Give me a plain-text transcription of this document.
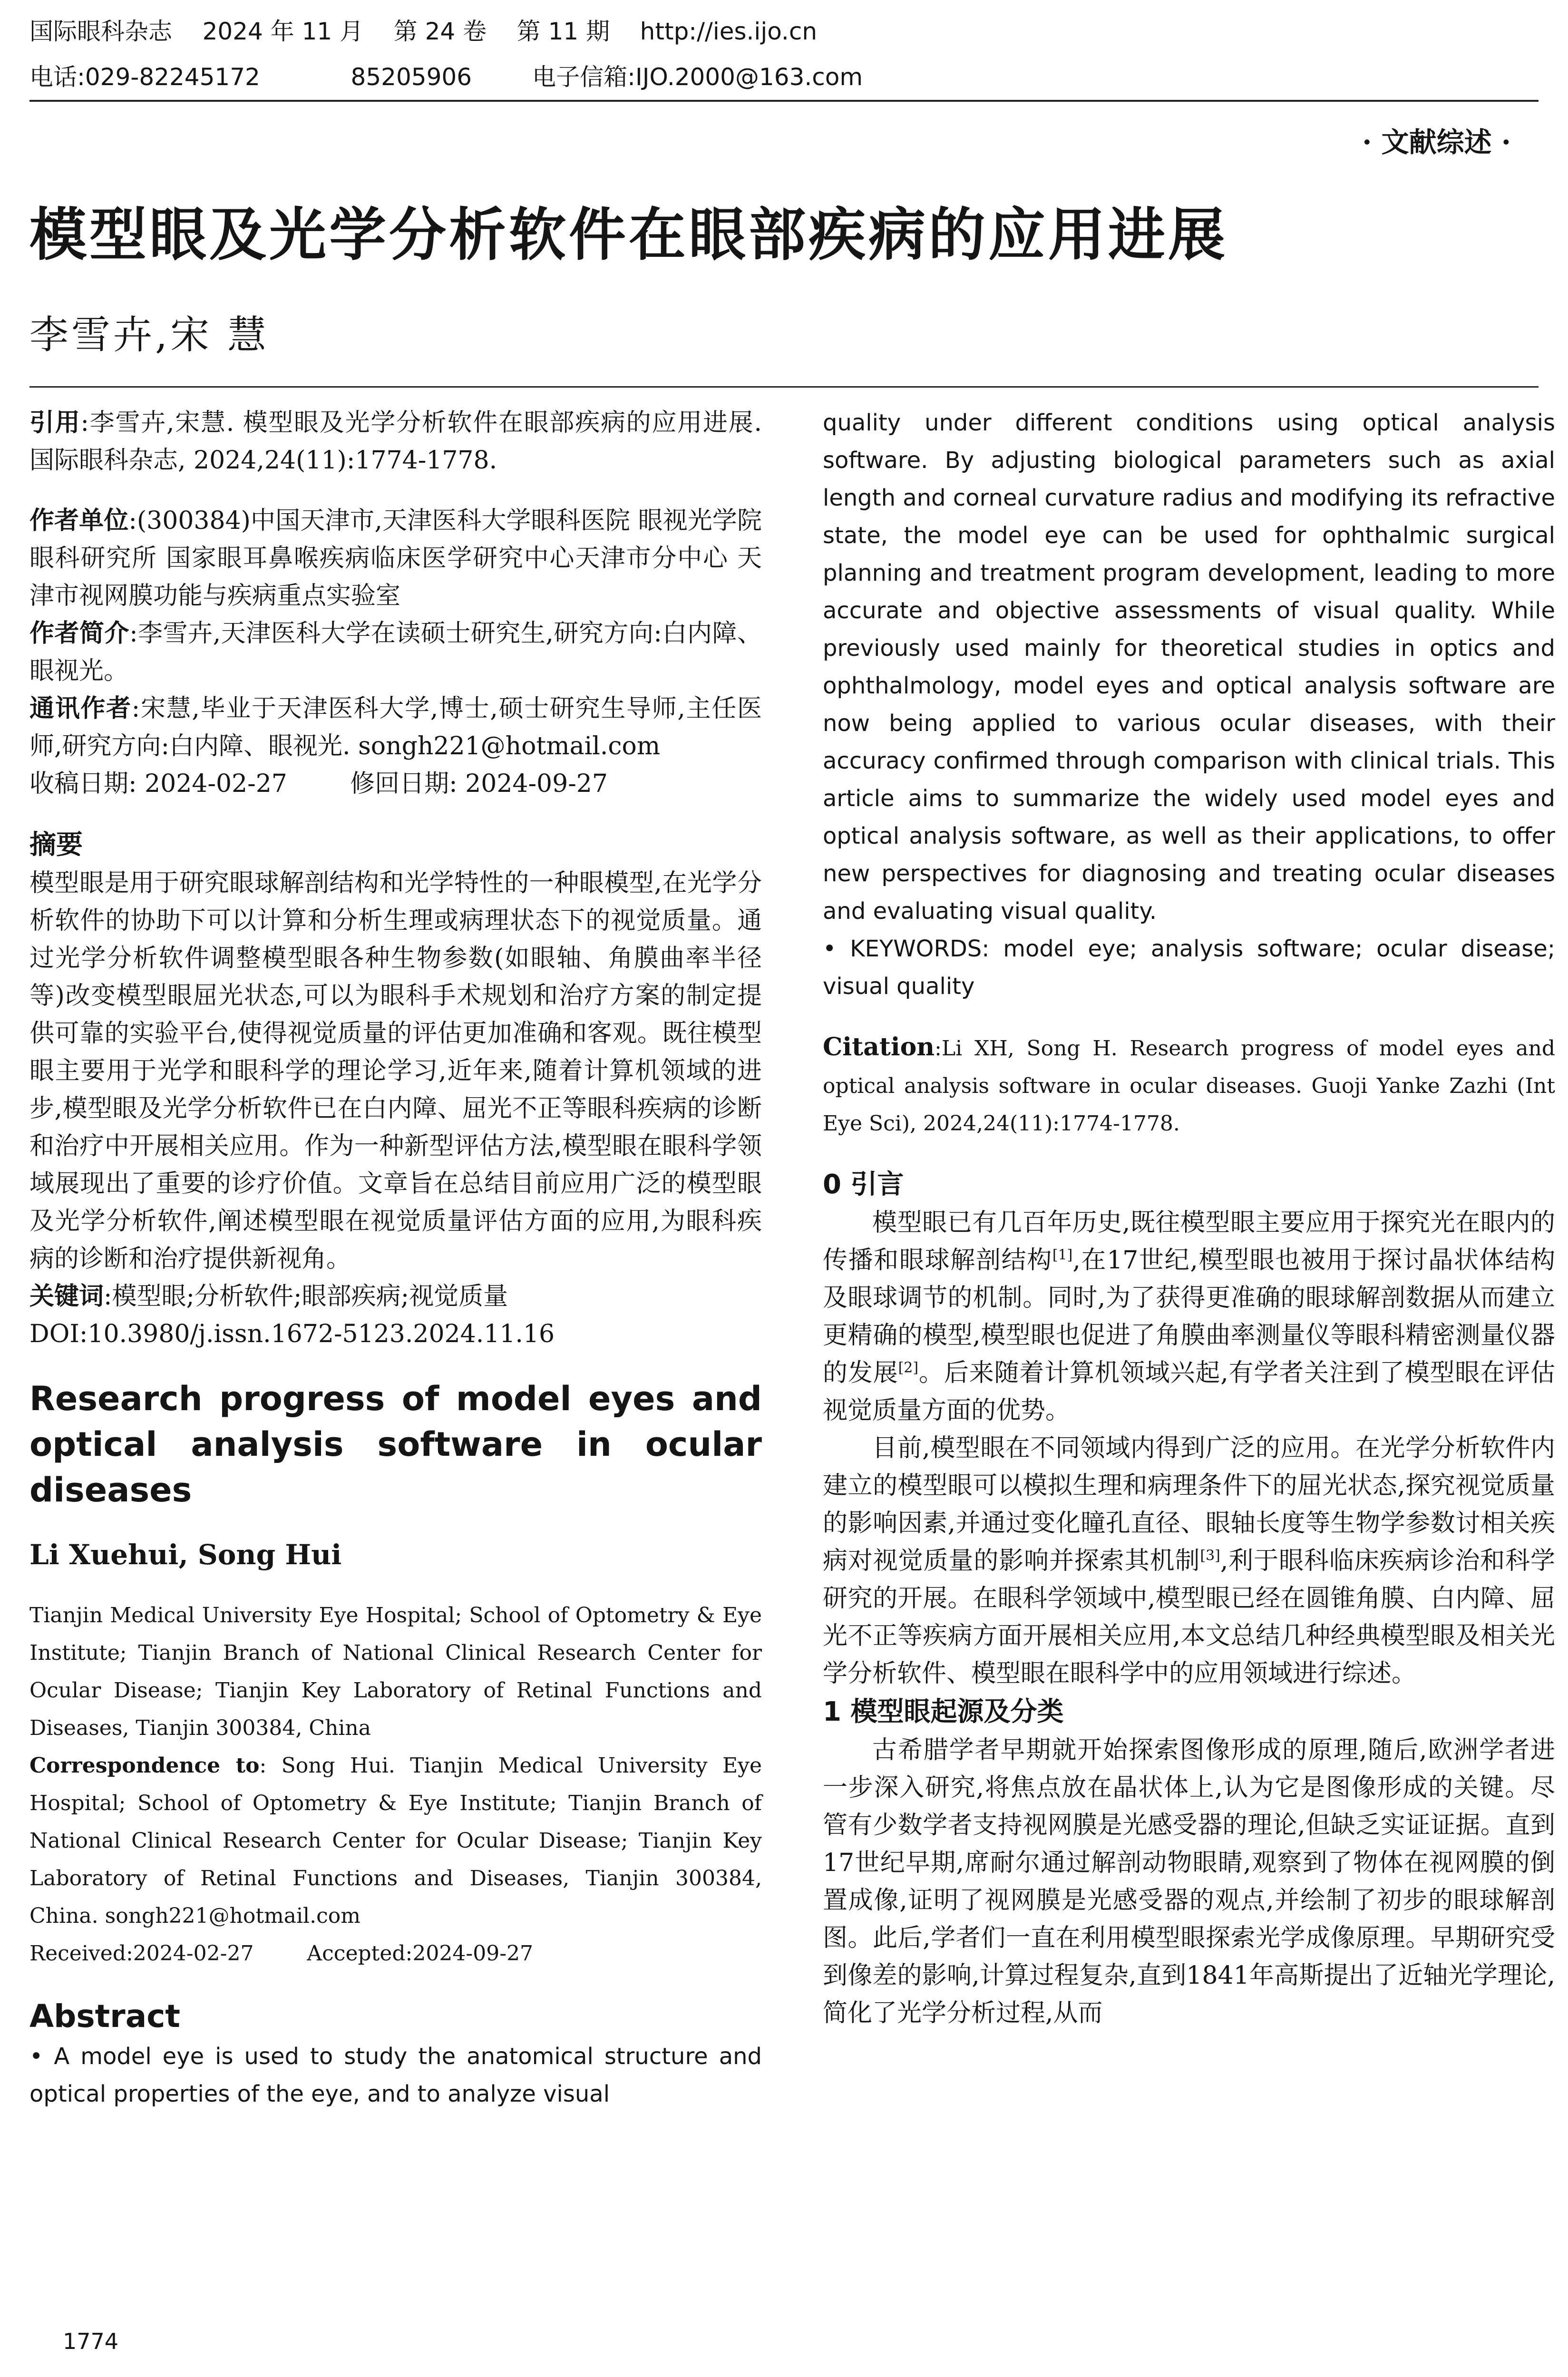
国际眼科杂志    2024 年 11 月    第 24 卷    第 11 期    http://ies.ijo.cn
电话:029-82245172            85205906        电子信箱:IJO.2000@163.com
· 文献综述 ·
模型眼及光学分析软件在眼部疾病的应用进展
李雪卉,宋 慧

引用:李雪卉,宋慧. 模型眼及光学分析软件在眼部疾病的应用进展. 国际眼科杂志, 2024,24(11):1774-1778.

作者单位:(300384)中国天津市,天津医科大学眼科医院 眼视光学院 眼科研究所 国家眼耳鼻喉疾病临床医学研究中心天津市分中心 天津市视网膜功能与疾病重点实验室

作者简介:李雪卉,天津医科大学在读硕士研究生,研究方向:白内障、眼视光。

通讯作者:宋慧,毕业于天津医科大学,博士,硕士研究生导师,主任医师,研究方向:白内障、眼视光. songh221@hotmail.com

收稿日期: 2024-02-27        修回日期: 2024-09-27

摘要

模型眼是用于研究眼球解剖结构和光学特性的一种眼模型,在光学分析软件的协助下可以计算和分析生理或病理状态下的视觉质量。通过光学分析软件调整模型眼各种生物参数(如眼轴、角膜曲率半径等)改变模型眼屈光状态,可以为眼科手术规划和治疗方案的制定提供可靠的实验平台,使得视觉质量的评估更加准确和客观。既往模型眼主要用于光学和眼科学的理论学习,近年来,随着计算机领域的进步,模型眼及光学分析软件已在白内障、屈光不正等眼科疾病的诊断和治疗中开展相关应用。作为一种新型评估方法,模型眼在眼科学领域展现出了重要的诊疗价值。文章旨在总结目前应用广泛的模型眼及光学分析软件,阐述模型眼在视觉质量评估方面的应用,为眼科疾病的诊断和治疗提供新视角。

关键词:模型眼;分析软件;眼部疾病;视觉质量

DOI:10.3980/j.issn.1672-5123.2024.11.16

Research progress of model eyes and optical analysis software in ocular diseases

Li Xuehui, Song Hui

Tianjin Medical University Eye Hospital; School of Optometry & Eye Institute; Tianjin Branch of National Clinical Research Center for Ocular Disease; Tianjin Key Laboratory of Retinal Functions and Diseases, Tianjin 300384, China

Correspondence to: Song Hui. Tianjin Medical University Eye Hospital; School of Optometry & Eye Institute; Tianjin Branch of National Clinical Research Center for Ocular Disease; Tianjin Key Laboratory of Retinal Functions and Diseases, Tianjin 300384, China. songh221@hotmail.com

Received:2024-02-27        Accepted:2024-09-27

Abstract

• A model eye is used to study the anatomical structure and optical properties of the eye, and to analyze visual

quality under different conditions using optical analysis software. By adjusting biological parameters such as axial length and corneal curvature radius and modifying its refractive state, the model eye can be used for ophthalmic surgical planning and treatment program development, leading to more accurate and objective assessments of visual quality. While previously used mainly for theoretical studies in optics and ophthalmology, model eyes and optical analysis software are now being applied to various ocular diseases, with their accuracy confirmed through comparison with clinical trials. This article aims to summarize the widely used model eyes and optical analysis software, as well as their applications, to offer new perspectives for diagnosing and treating ocular diseases and evaluating visual quality.

• KEYWORDS: model eye; analysis software; ocular disease; visual quality

Citation:Li XH, Song H. Research progress of model eyes and optical analysis software in ocular diseases. Guoji Yanke Zazhi (Int Eye Sci), 2024,24(11):1774-1778.

0 引言

模型眼已有几百年历史,既往模型眼主要应用于探究光在眼内的传播和眼球解剖结构[1],在17世纪,模型眼也被用于探讨晶状体结构及眼球调节的机制。同时,为了获得更准确的眼球解剖数据从而建立更精确的模型,模型眼也促进了角膜曲率测量仪等眼科精密测量仪器的发展[2]。后来随着计算机领域兴起,有学者关注到了模型眼在评估视觉质量方面的优势。

目前,模型眼在不同领域内得到广泛的应用。在光学分析软件内建立的模型眼可以模拟生理和病理条件下的屈光状态,探究视觉质量的影响因素,并通过变化瞳孔直径、眼轴长度等生物学参数讨相关疾病对视觉质量的影响并探索其机制[3],利于眼科临床疾病诊治和科学研究的开展。在眼科学领域中,模型眼已经在圆锥角膜、白内障、屈光不正等疾病方面开展相关应用,本文总结几种经典模型眼及相关光学分析软件、模型眼在眼科学中的应用领域进行综述。

1 模型眼起源及分类

古希腊学者早期就开始探索图像形成的原理,随后,欧洲学者进一步深入研究,将焦点放在晶状体上,认为它是图像形成的关键。尽管有少数学者支持视网膜是光感受器的理论,但缺乏实证证据。直到17世纪早期,席耐尔通过解剖动物眼睛,观察到了物体在视网膜的倒置成像,证明了视网膜是光感受器的观点,并绘制了初步的眼球解剖图。此后,学者们一直在利用模型眼探索光学成像原理。早期研究受到像差的影响,计算过程复杂,直到1841年高斯提出了近轴光学理论,简化了光学分析过程,从而

1774
